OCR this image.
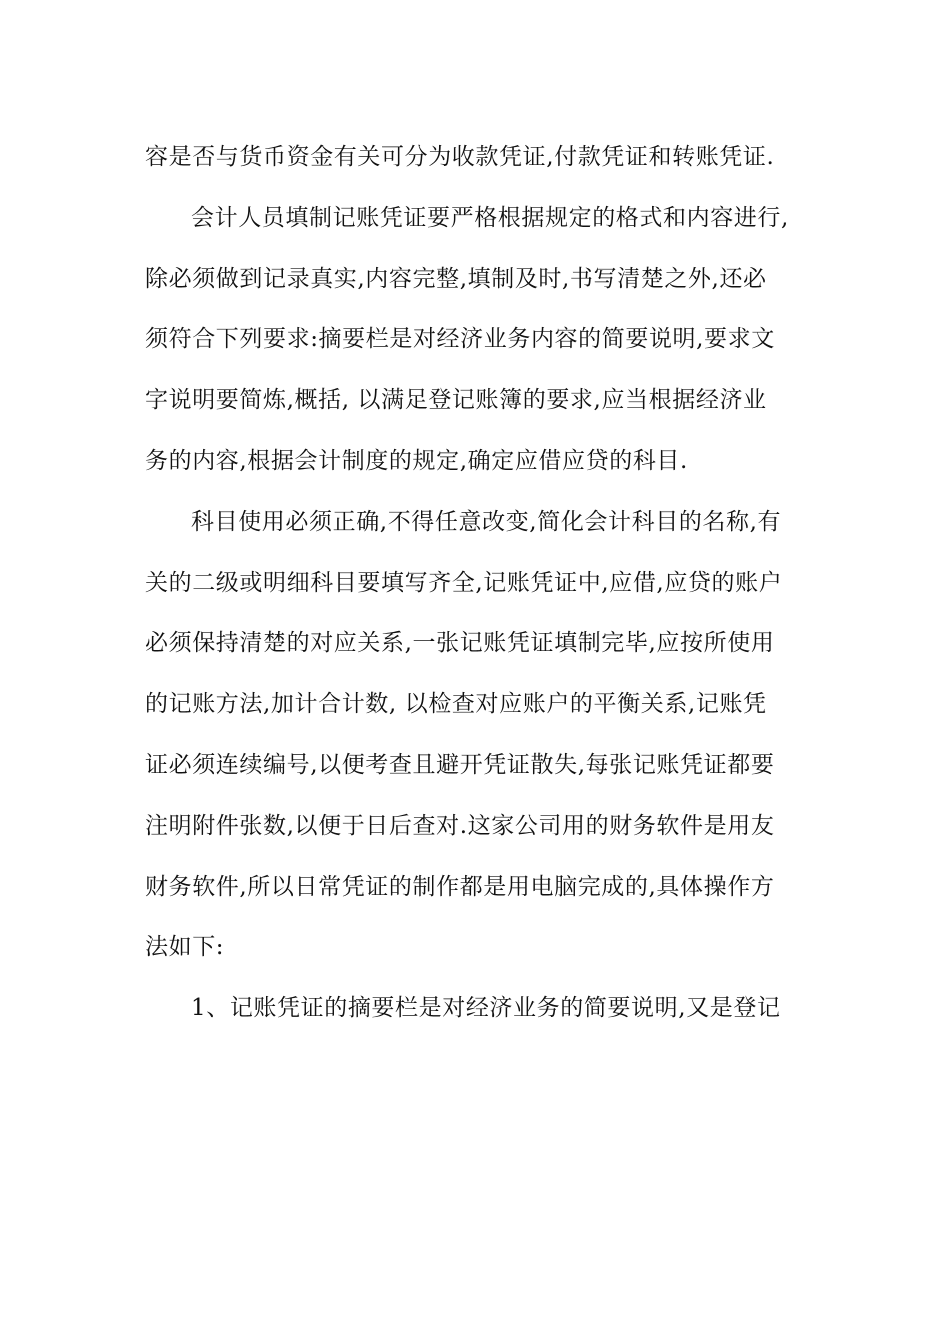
容是否与货币资金有关可分为收款凭证,付款凭证和转账凭证.
会计人员填制记账凭证要严格根据规定的格式和内容进行,
除必须做到记录真实,内容完整,填制及时,书写清楚之外,还必
须符合下列要求:摘要栏是对经济业务内容的简要说明,要求文
字说明要简炼,概括, 以满足登记账簿的要求,应当根据经济业
务的内容,根据会计制度的规定,确定应借应贷的科目.
科目使用必须正确,不得任意改变,简化会计科目的名称,有
关的二级或明细科目要填写齐全,记账凭证中,应借,应贷的账户
必须保持清楚的对应关系,一张记账凭证填制完毕,应按所使用
的记账方法,加计合计数, 以检查对应账户的平衡关系,记账凭
证必须连续编号,以便考查且避开凭证散失,每张记账凭证都要
注明附件张数,以便于日后查对.这家公司用的财务软件是用友
财务软件,所以日常凭证的制作都是用电脑完成的,具体操作方
法如下:
1、记账凭证的摘要栏是对经济业务的简要说明,又是登记
